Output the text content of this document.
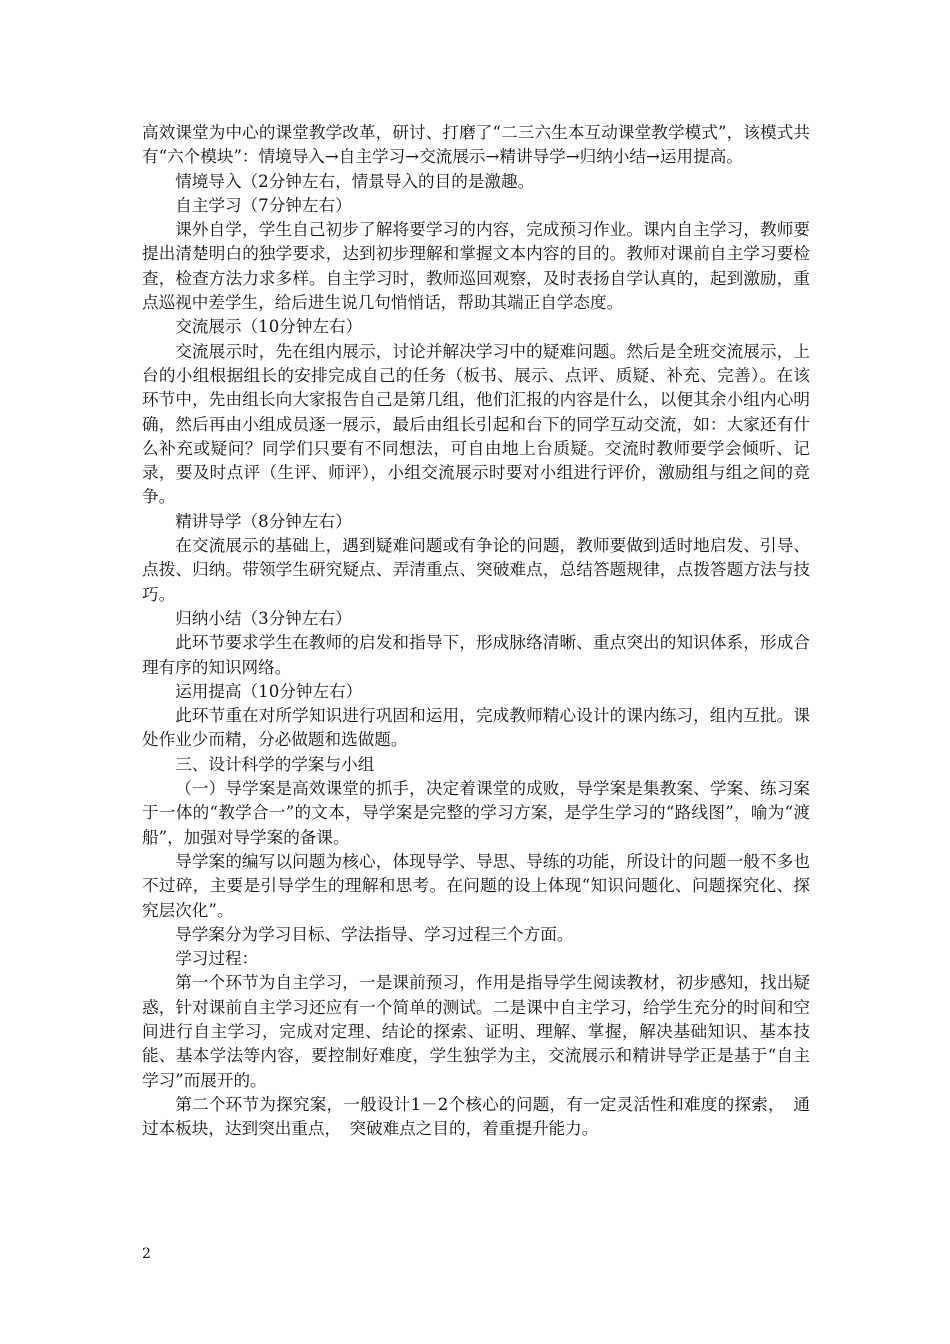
高效课堂为中心的课堂教学改革，研讨、打磨了“二三六生本互动课堂教学模式”，该模式共有“六个模块”：情境导入→自主学习→交流展示→精讲导学→归纳小结→运用提高。

情境导入（2分钟左右，情景导入的目的是激趣。

自主学习（7分钟左右）

课外自学，学生自己初步了解将要学习的内容，完成预习作业。课内自主学习，教师要提出清楚明白的独学要求，达到初步理解和掌握文本内容的目的。教师对课前自主学习要检查，检查方法力求多样。自主学习时，教师巡回观察，及时表扬自学认真的，起到激励，重点巡视中差学生，给后进生说几句悄悄话，帮助其端正自学态度。

交流展示（10分钟左右）

交流展示时，先在组内展示，讨论并解决学习中的疑难问题。然后是全班交流展示，上台的小组根据组长的安排完成自己的任务（板书、展示、点评、质疑、补充、完善）。在该环节中，先由组长向大家报告自己是第几组，他们汇报的内容是什么，以便其余小组内心明确，然后再由小组成员逐一展示，最后由组长引起和台下的同学互动交流，如：大家还有什么补充或疑问？同学们只要有不同想法，可自由地上台质疑。交流时教师要学会倾听、记录，要及时点评（生评、师评），小组交流展示时要对小组进行评价，激励组与组之间的竞争。

精讲导学（8分钟左右）

在交流展示的基础上，遇到疑难问题或有争论的问题，教师要做到适时地启发、引导、点拨、归纳。带领学生研究疑点、弄清重点、突破难点，总结答题规律，点拨答题方法与技巧。

归纳小结（3分钟左右）

此环节要求学生在教师的启发和指导下，形成脉络清晰、重点突出的知识体系，形成合理有序的知识网络。

运用提高（10分钟左右）

此环节重在对所学知识进行巩固和运用，完成教师精心设计的课内练习，组内互批。课处作业少而精，分必做题和选做题。

三、设计科学的学案与小组

（一）导学案是高效课堂的抓手，决定着课堂的成败，导学案是集教案、学案、练习案于一体的“教学合一”的文本，导学案是完整的学习方案，是学生学习的“路线图”，喻为“渡船”，加强对导学案的备课。

导学案的编写以问题为核心，体现导学、导思、导练的功能，所设计的问题一般不多也不过碎，主要是引导学生的理解和思考。在问题的设上体现“知识问题化、问题探究化、探究层次化”。

导学案分为学习目标、学法指导、学习过程三个方面。

学习过程：

第一个环节为自主学习，一是课前预习，作用是指导学生阅读教材，初步感知，找出疑惑，针对课前自主学习还应有一个简单的测试。二是课中自主学习，给学生充分的时间和空间进行自主学习，完成对定理、结论的探索、证明、理解、掌握，解决基础知识、基本技能、基本学法等内容，要控制好难度，学生独学为主，交流展示和精讲导学正是基于“自主学习”而展开的。

第二个环节为探究案，一般设计1－2个核心的问题，有一定灵活性和难度的探索，　通过本板块，达到突出重点，　突破难点之目的，着重提升能力。

2
